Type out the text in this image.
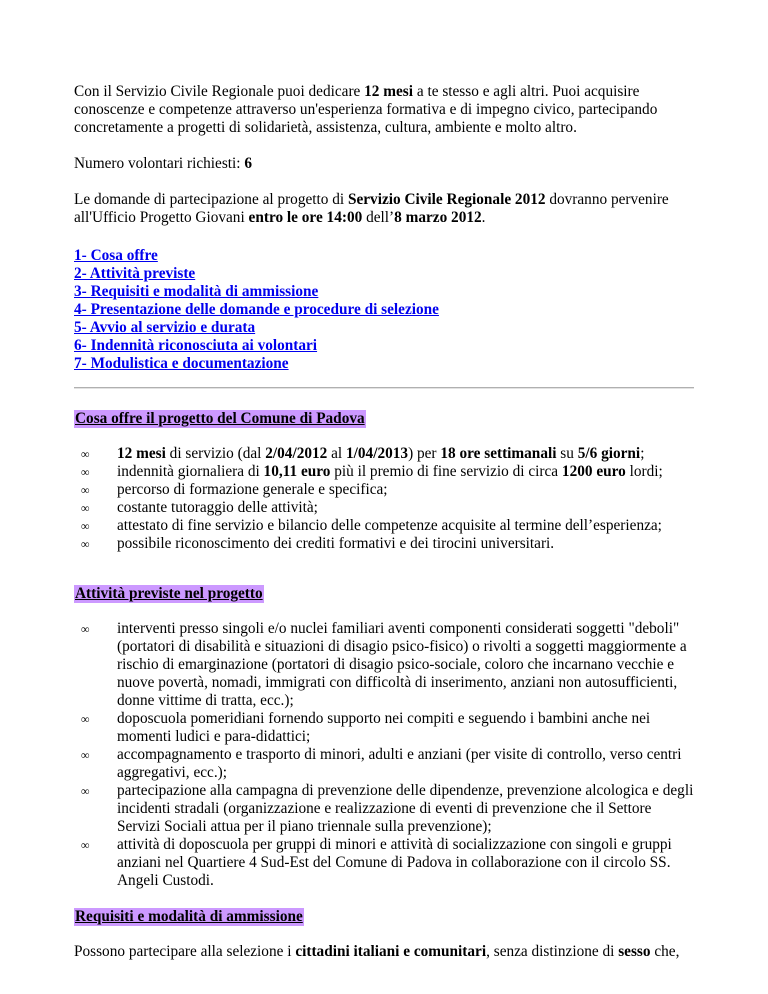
Con il Servizio Civile Regionale puoi dedicare 12 mesi a te stesso e agli altri. Puoi acquisire conoscenze e competenze attraverso un'esperienza formativa e di impegno civico, partecipando concretamente a progetti di solidarietà, assistenza, cultura, ambiente e molto altro.

Numero volontari richiesti: 6

Le domande di partecipazione al progetto di Servizio Civile Regionale 2012 dovranno pervenire all'Ufficio Progetto Giovani entro le ore 14:00 dell’8 marzo 2012.

1- Cosa offre
2- Attività previste
3- Requisiti e modalità di ammissione
4- Presentazione delle domande e procedure di selezione
5- Avvio al servizio e durata
6- Indennità riconosciuta ai volontari
7- Modulistica e documentazione
Cosa offre il progetto del Comune di Padova
∞ 12 mesi di servizio (dal 2/04/2012 al 1/04/2013) per 18 ore settimanali su 5/6 giorni;
∞ indennità giornaliera di 10,11 euro più il premio di fine servizio di circa 1200 euro lordi;
∞ percorso di formazione generale e specifica;
∞ costante tutoraggio delle attività;
∞ attestato di fine servizio e bilancio delle competenze acquisite al termine dell’esperienza;
∞ possibile riconoscimento dei crediti formativi e dei tirocini universitari.
Attività previste nel progetto
∞ interventi presso singoli e/o nuclei familiari aventi componenti considerati soggetti "deboli" (portatori di disabilità e situazioni di disagio psico-fisico) o rivolti a soggetti maggiormente a rischio di emarginazione (portatori di disagio psico-sociale, coloro che incarnano vecchie e nuove povertà, nomadi, immigrati con difficoltà di inserimento, anziani non autosufficienti, donne vittime di tratta, ecc.);
∞ doposcuola pomeridiani fornendo supporto nei compiti e seguendo i bambini anche nei momenti ludici e para-didattici;
∞ accompagnamento e trasporto di minori, adulti e anziani (per visite di controllo, verso centri aggregativi, ecc.);
∞ partecipazione alla campagna di prevenzione delle dipendenze, prevenzione alcologica e degli incidenti stradali (organizzazione e realizzazione di eventi di prevenzione che il Settore Servizi Sociali attua per il piano triennale sulla prevenzione);
∞ attività di doposcuola per gruppi di minori e attività di socializzazione con singoli e gruppi anziani nel Quartiere 4 Sud-Est del Comune di Padova in collaborazione con il circolo SS. Angeli Custodi.
Requisiti e modalità di ammissione

Possono partecipare alla selezione i cittadini italiani e comunitari, senza distinzione di sesso che,
